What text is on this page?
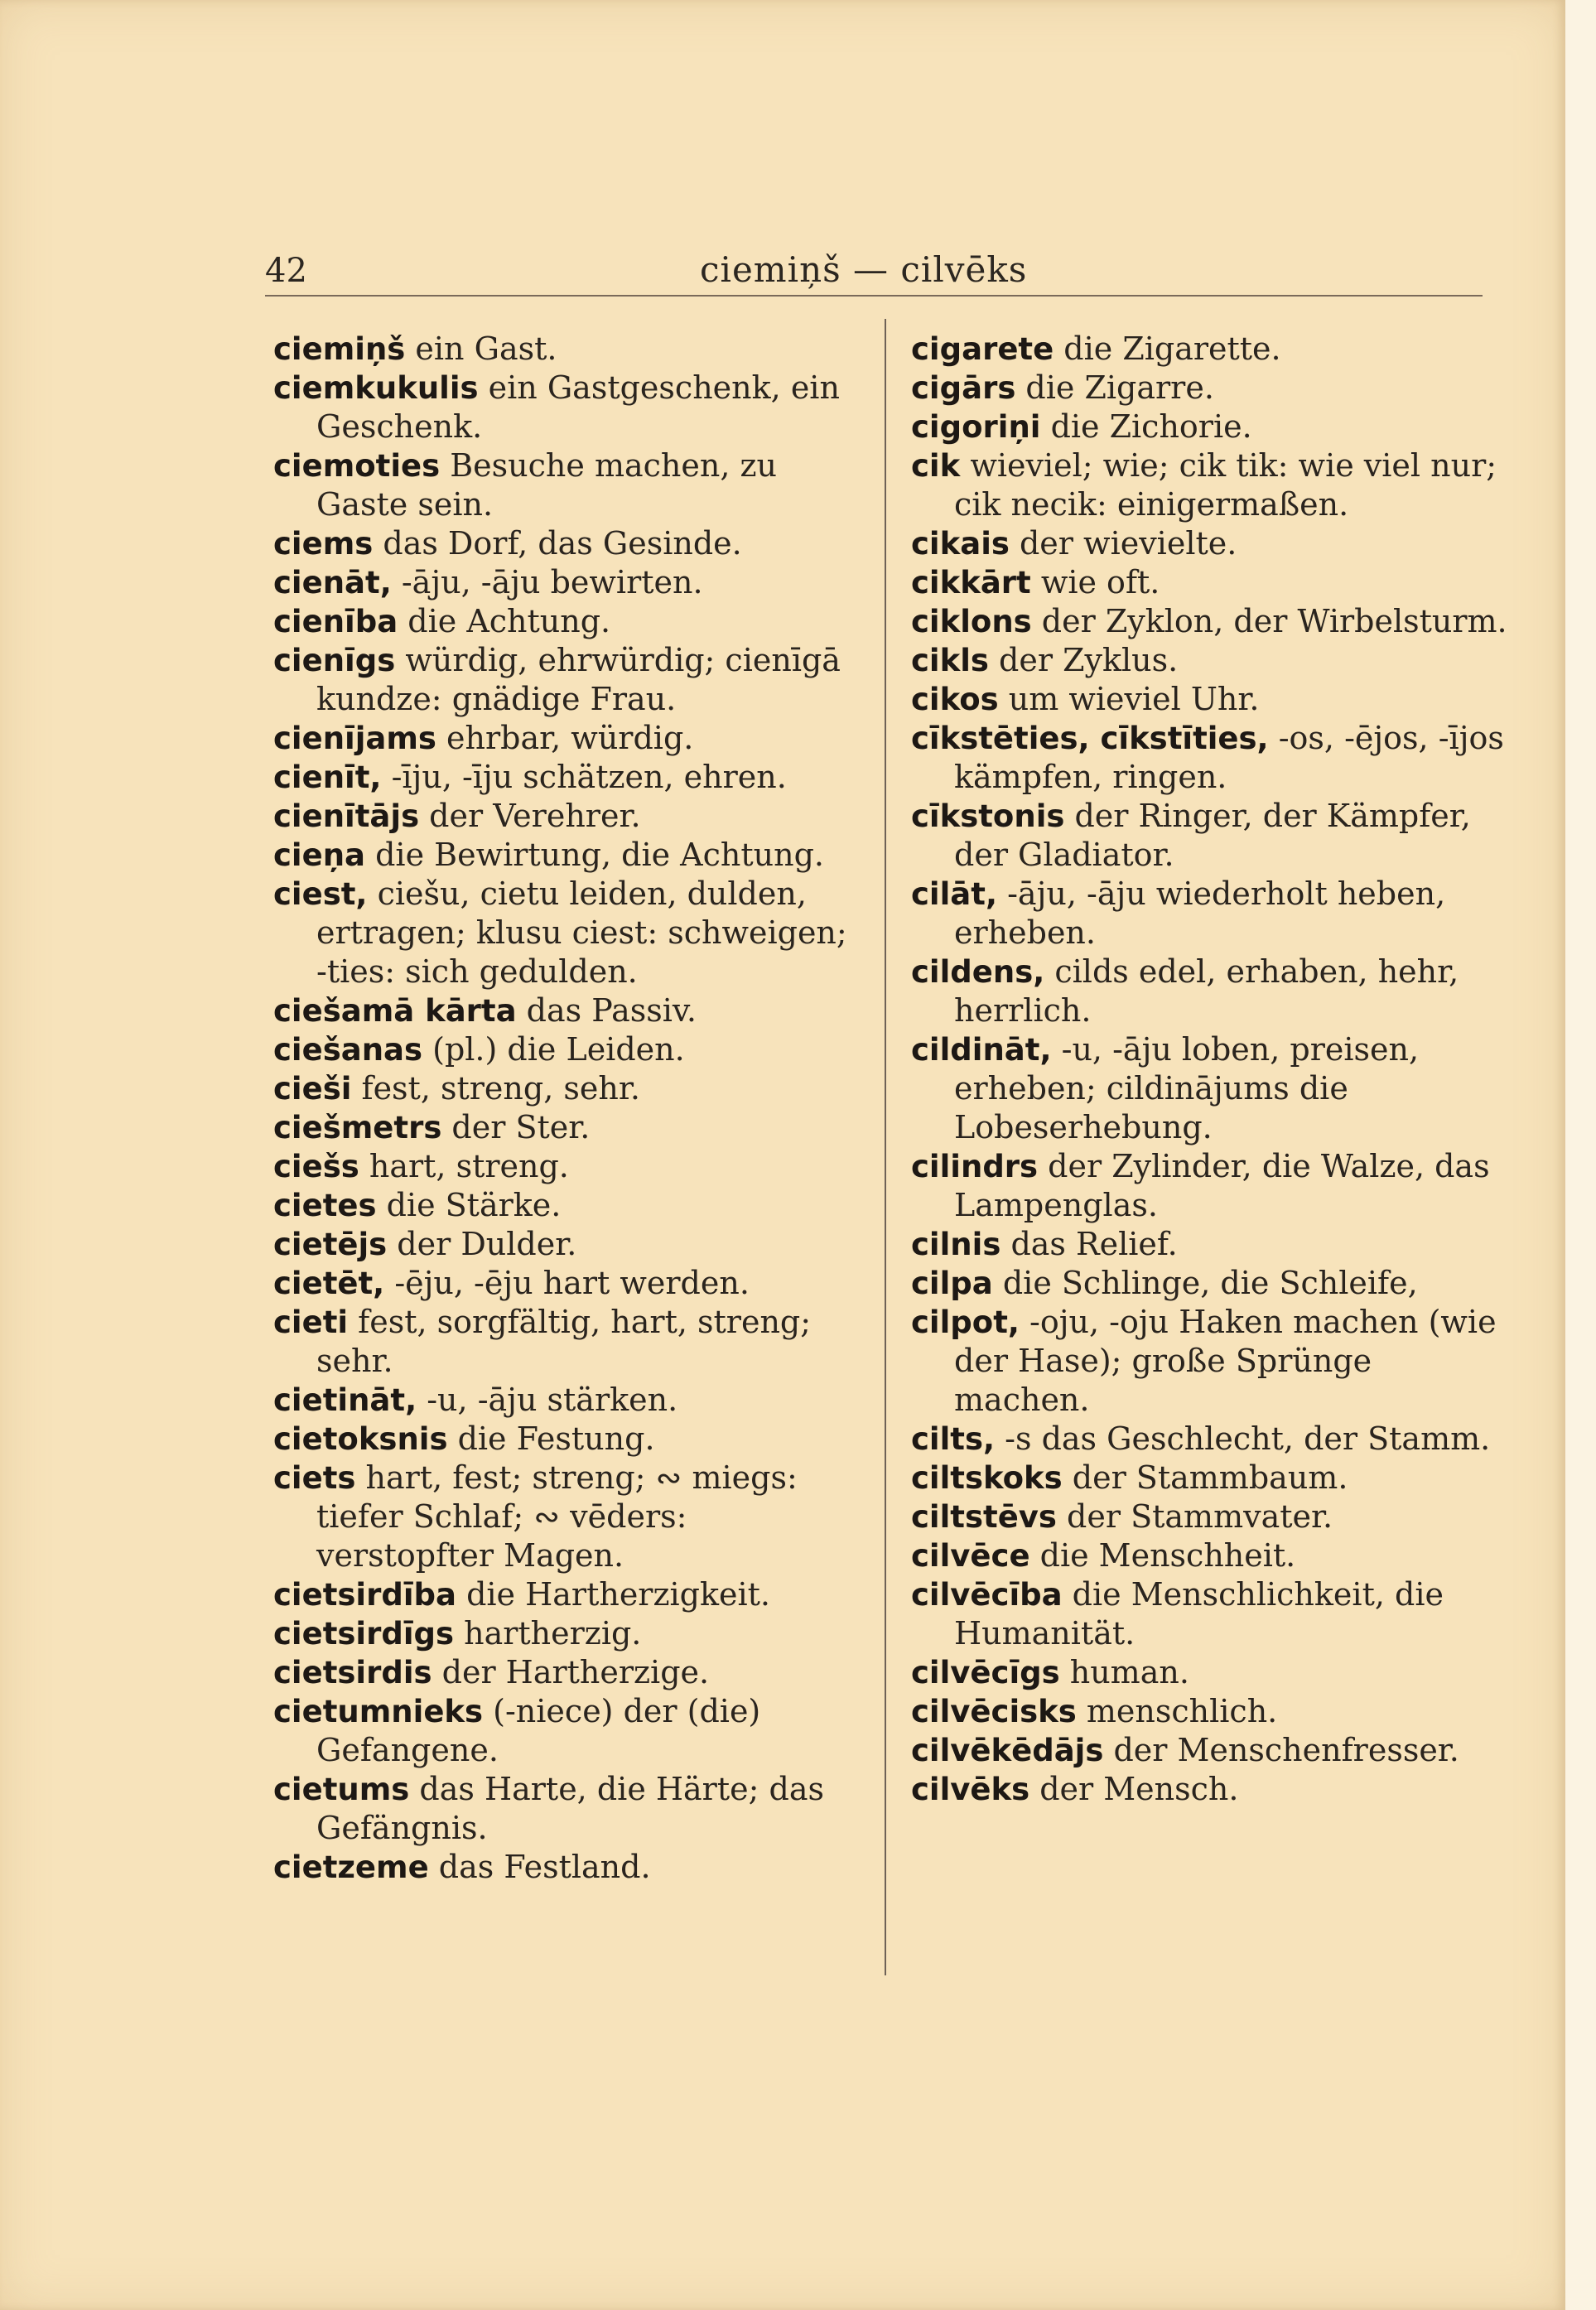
42	ciemiņš — cilvēks
ciemiņš ein Gast.
ciemkukulis ein Gastgeschenk, ein Geschenk.
ciemoties Besuche machen, zu Gaste sein.
ciems das Dorf, das Gesinde.
cienāt, -āju, -āju bewirten.
cienība die Achtung.
cienīgs würdig, ehrwürdig; cienīgā kundze: gnädige Frau.
cienījams ehrbar, würdig.
cienīt, -īju, -īju schätzen, ehren.
cienītājs der Verehrer.
cieņa die Bewirtung, die Achtung.
ciest, ciešu, cietu leiden, dulden, ertragen; klusu ciest: schweigen; -ties: sich gedulden.
ciešamā kārta das Passiv.
ciešanas (pl.) die Leiden.
cieši fest, streng, sehr.
ciešmetrs der Ster.
ciešs hart, streng.
cietes die Stärke.
cietējs der Dulder.
cietēt, -ēju, -ēju hart werden.
cieti fest, sorgfältig, hart, streng; sehr.
cietināt, -u, -āju stärken.
cietoksnis die Festung.
ciets hart, fest; streng; ∾ miegs: tiefer Schlaf; ∾ vēders: verstopfter Magen.
cietsirdība die Hartherzigkeit.
cietsirdīgs hartherzig.
cietsirdis der Hartherzige.
cietumnieks (-niece) der (die) Gefangene.
cietums das Harte, die Härte; das Gefängnis.
cietzeme das Festland.
cigarete die Zigarette.
cigārs die Zigarre.
cigoriņi die Zichorie.
cik wieviel; wie; cik tik: wie viel nur; cik necik: einigermaßen.
cikais der wievielte.
cikkārt wie oft.
ciklons der Zyklon, der Wirbelsturm.
cikls der Zyklus.
cikos um wieviel Uhr.
cīkstēties, cīkstīties, -os, -ējos, -ījos kämpfen, ringen.
cīkstonis der Ringer, der Kämpfer, der Gladiator.
cilāt, -āju, -āju wiederholt heben, erheben.
cildens, cilds edel, erhaben, hehr, herrlich.
cildināt, -u, -āju loben, preisen, erheben; cildinājums die Lobeserhebung.
cilindrs der Zylinder, die Walze, das Lampenglas.
cilnis das Relief.
cilpa die Schlinge, die Schleife,
cilpot, -oju, -oju Haken machen (wie der Hase); große Sprünge machen.
cilts, -s das Geschlecht, der Stamm.
ciltskoks der Stammbaum.
ciltstēvs der Stammvater.
cilvēce die Menschheit.
cilvēcība die Menschlichkeit, die Humanität.
cilvēcīgs human.
cilvēcisks menschlich.
cilvēkēdājs der Menschenfresser.
cilvēks der Mensch.
